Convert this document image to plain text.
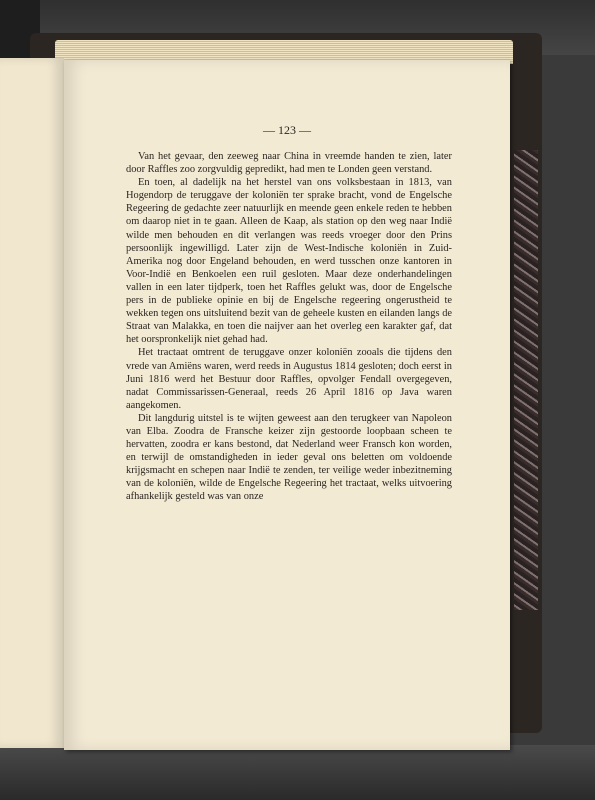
— 123 —

Van het gevaar, den zeeweg naar China in vreemde handen te zien, later door Raffles zoo zorgvuldig gepredikt, had men te Londen geen verstand.

En toen, al dadelijk na het herstel van ons volksbestaan in 1813, van Hogendorp de teruggave der koloniën ter sprake bracht, vond de Engelsche Regeering de gedachte zeer natuurlijk en meende geen enkele reden te hebben om daarop niet in te gaan. Alleen de Kaap, als station op den weg naar Indië wilde men behouden en dit verlangen was reeds vroeger door den Prins persoonlijk ingewilligd. Later zijn de West-Indische koloniën in Zuid-Amerika nog door Engeland behouden, en werd tusschen onze kantoren in Voor-Indië en Benkoelen een ruil gesloten. Maar deze onderhandelingen vallen in een later tijdperk, toen het Raffles gelukt was, door de Engelsche pers in de publieke opinie en bij de Engelsche regeering ongerustheid te wekken tegen ons uitsluitend bezit van de geheele kusten en eilanden langs de Straat van Malakka, en toen die naijver aan het overleg een karakter gaf, dat het oorspronkelijk niet gehad had.

Het tractaat omtrent de teruggave onzer koloniën zooals die tijdens den vrede van Amiëns waren, werd reeds in Augustus 1814 gesloten; doch eerst in Juni 1816 werd het Bestuur door Raffles, opvolger Fendall overgegeven, nadat Commissarissen-Generaal, reeds 26 April 1816 op Java waren aangekomen.

Dit langdurig uitstel is te wijten geweest aan den terugkeer van Napoleon van Elba. Zoodra de Fransche keizer zijn gestoorde loopbaan scheen te hervatten, zoodra er kans bestond, dat Nederland weer Fransch kon worden, en terwijl de omstandigheden in ieder geval ons beletten om voldoende krijgsmacht en schepen naar Indië te zenden, ter veilige weder inbezitneming van de koloniën, wilde de Engelsche Regeering het tractaat, welks uitvoering afhankelijk gesteld was van onze
